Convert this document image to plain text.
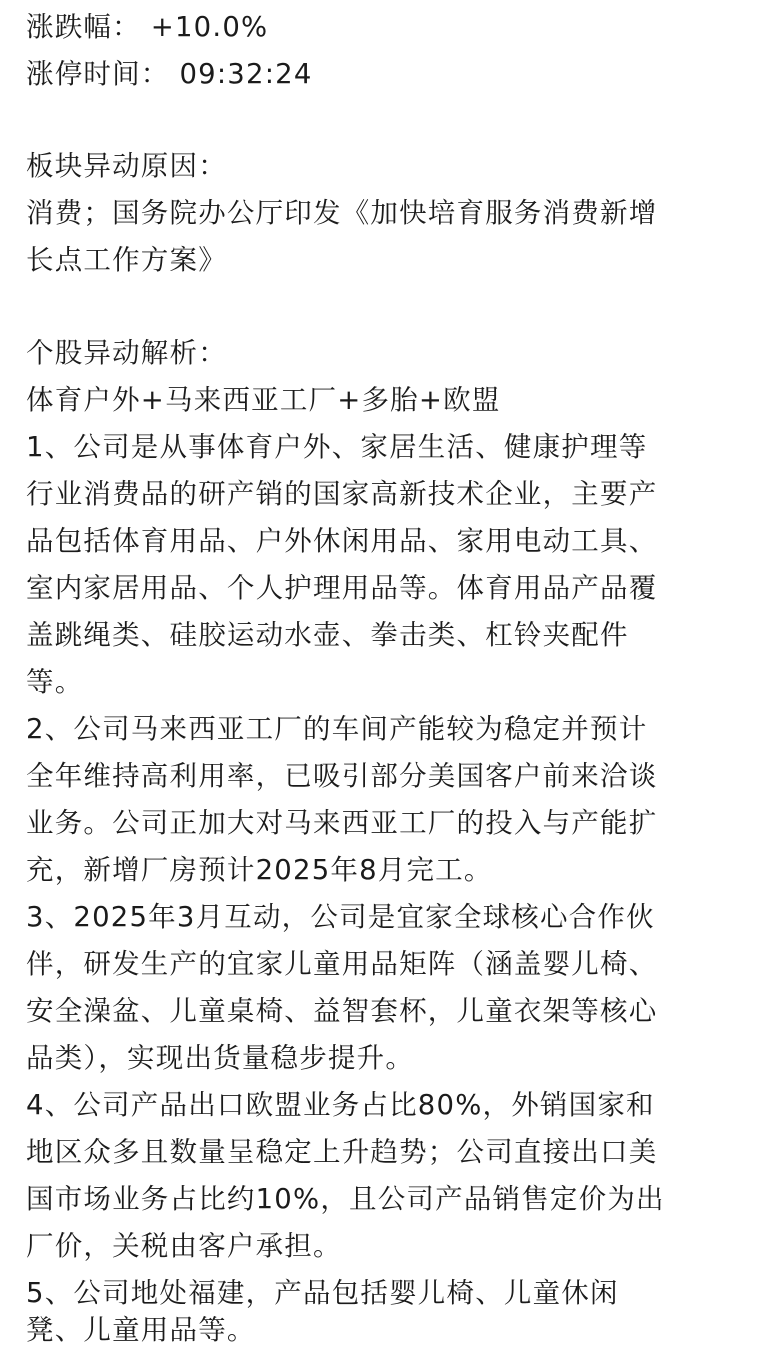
涨跌幅： +10.0%
涨停时间： 09:32:24
板块异动原因：
消费；国务院办公厅印发《加快培育服务消费新增
长点工作方案》
个股异动解析：
体育户外+马来西亚工厂+多胎+欧盟
1、公司是从事体育户外、家居生活、健康护理等
行业消费品的研产销的国家高新技术企业，主要产
品包括体育用品、户外休闲用品、家用电动工具、
室内家居用品、个人护理用品等。体育用品产品覆
盖跳绳类、硅胶运动水壶、拳击类、杠铃夹配件
等。
2、公司马来西亚工厂的车间产能较为稳定并预计
全年维持高利用率，已吸引部分美国客户前来洽谈
业务。公司正加大对马来西亚工厂的投入与产能扩
充，新增厂房预计2025年8月完工。
3、2025年3月互动，公司是宜家全球核心合作伙
伴，研发生产的宜家儿童用品矩阵（涵盖婴儿椅、
安全澡盆、儿童桌椅、益智套杯，儿童衣架等核心
品类），实现出货量稳步提升。
4、公司产品出口欧盟业务占比80%，外销国家和
地区众多且数量呈稳定上升趋势；公司直接出口美
国市场业务占比约10%，且公司产品销售定价为出
厂价，关税由客户承担。
5、公司地处福建，产品包括婴儿椅、儿童休闲
凳、儿童用品等。
